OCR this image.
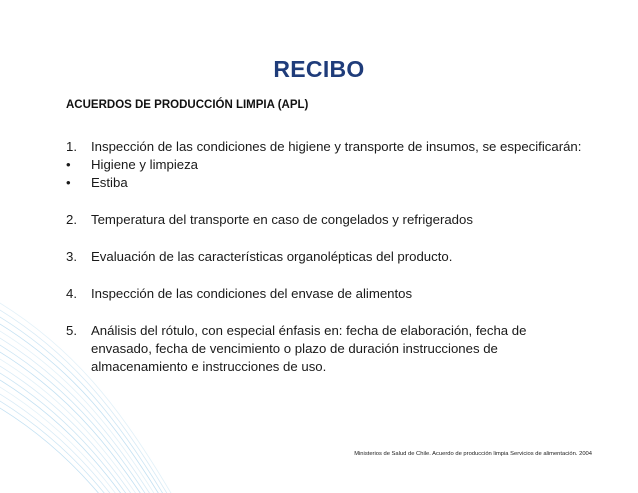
RECIBO
ACUERDOS DE PRODUCCIÓN LIMPIA (APL)
1. Inspección de las condiciones de higiene y transporte de insumos, se especificarán:
• Higiene y limpieza
• Estiba
2. Temperatura del transporte en caso de congelados y refrigerados
3. Evaluación de las características organolépticas del producto.
4. Inspección de las condiciones del envase de alimentos
5. Análisis del rótulo, con especial énfasis en: fecha de elaboración, fecha de envasado, fecha de vencimiento o plazo de duración instrucciones de almacenamiento e instrucciones de uso.
Ministerios de Salud de Chile. Acuerdo de producción limpia Servicios de alimentación. 2004
